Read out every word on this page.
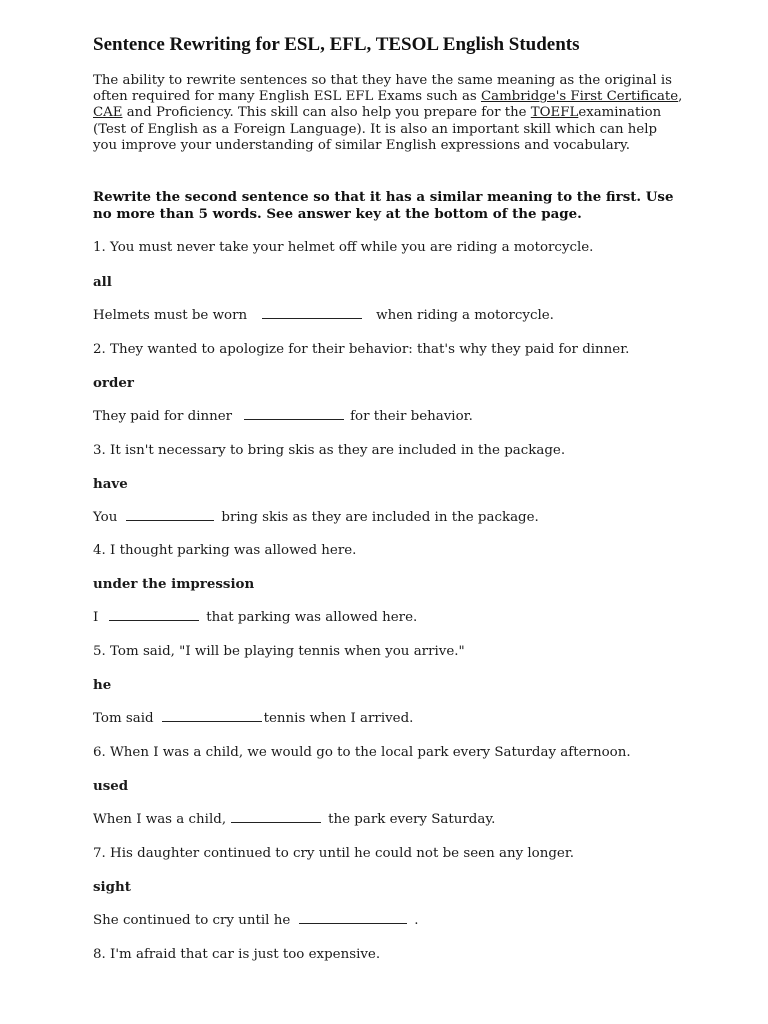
Sentence Rewriting for ESL, EFL, TESOL English Students

The ability to rewrite sentences so that they have the same meaning as the original is often required for many English ESL EFL Exams such as Cambridge's First Certificate, CAE and Proficiency. This skill can also help you prepare for the TOEFLexamination (Test of English as a Foreign Language). It is also an important skill which can help you improve your understanding of similar English expressions and vocabulary.

Rewrite the second sentence so that it has a similar meaning to the first. Use no more than 5 words. See answer key at the bottom of the page.

1. You must never take your helmet off while you are riding a motorcycle.

all

Helmets must be worn	when riding a motorcycle.

2. They wanted to apologize for their behavior: that's why they paid for dinner.

order

They paid for dinner	for their behavior.

3. It isn't necessary to bring skis as they are included in the package.

have

You	bring skis as they are included in the package.

4. I thought parking was allowed here.

under the impression

I	that parking was allowed here.

5. Tom said, "I will be playing tennis when you arrive."

he

Tom said	tennis when I arrived.

6. When I was a child, we would go to the local park every Saturday afternoon.

used

When I was a child,	the park every Saturday.

7. His daughter continued to cry until he could not be seen any longer.

sight

She continued to cry until he	.

8. I'm afraid that car is just too expensive.
